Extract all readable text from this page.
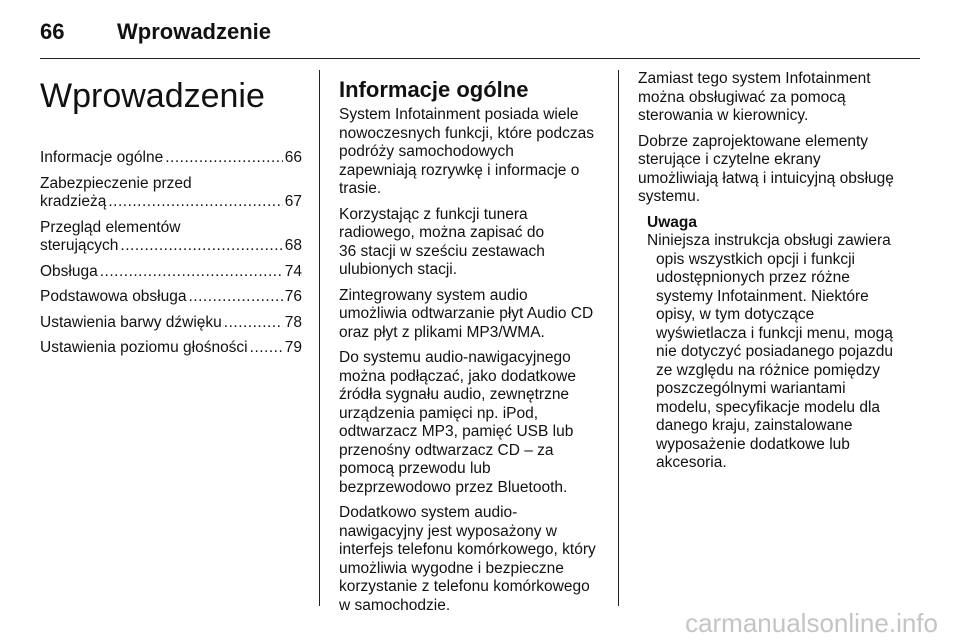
66 Wprowadzenie
Wprowadzenie
Informacje ogólne .....	66
Zabezpieczenie przed
kradzieżą .....	67
Przegląd elementów
sterujących .....	68
Obsługa .....	74
Podstawowa obsługa .....	76
Ustawienia barwy dźwięku .....	78
Ustawienia poziomu głośności ..... 79
Informacje ogólne

System Infotainment posiada wiele
nowoczesnych funkcji, które podczas
podróży samochodowych
zapewniają rozrywkę i informacje o
trasie.

Korzystając z funkcji tunera
radiowego, można zapisać do
36 stacji w sześciu zestawach
ulubionych stacji.

Zintegrowany system audio
umożliwia odtwarzanie płyt Audio CD
oraz płyt z plikami MP3/WMA.

Do systemu audio-nawigacyjnego
można podłączać, jako dodatkowe
źródła sygnału audio, zewnętrzne
urządzenia pamięci np. iPod,
odtwarzacz MP3, pamięć USB lub
przenośny odtwarzacz CD – za
pomocą przewodu lub
bezprzewodowo przez Bluetooth.

Dodatkowo system audio-
nawigacyjny jest wyposażony w
interfejs telefonu komórkowego, który
umożliwia wygodne i bezpieczne
korzystanie z telefonu komórkowego
w samochodzie.

Zamiast tego system Infotainment
można obsługiwać za pomocą
sterowania w kierownicy.

Dobrze zaprojektowane elementy
sterujące i czytelne ekrany
umożliwiają łatwą i intuicyjną obsługę
systemu.

Uwaga
Niniejsza instrukcja obsługi zawiera
opis wszystkich opcji i funkcji
udostępnionych przez różne
systemy Infotainment. Niektóre
opisy, w tym dotyczące
wyświetlacza i funkcji menu, mogą
nie dotyczyć posiadanego pojazdu
ze względu na różnice pomiędzy
poszczególnymi wariantami
modelu, specyfikacje modelu dla
danego kraju, zainstalowane
wyposażenie dodatkowe lub
akcesoria.
carmanualsonline.info
